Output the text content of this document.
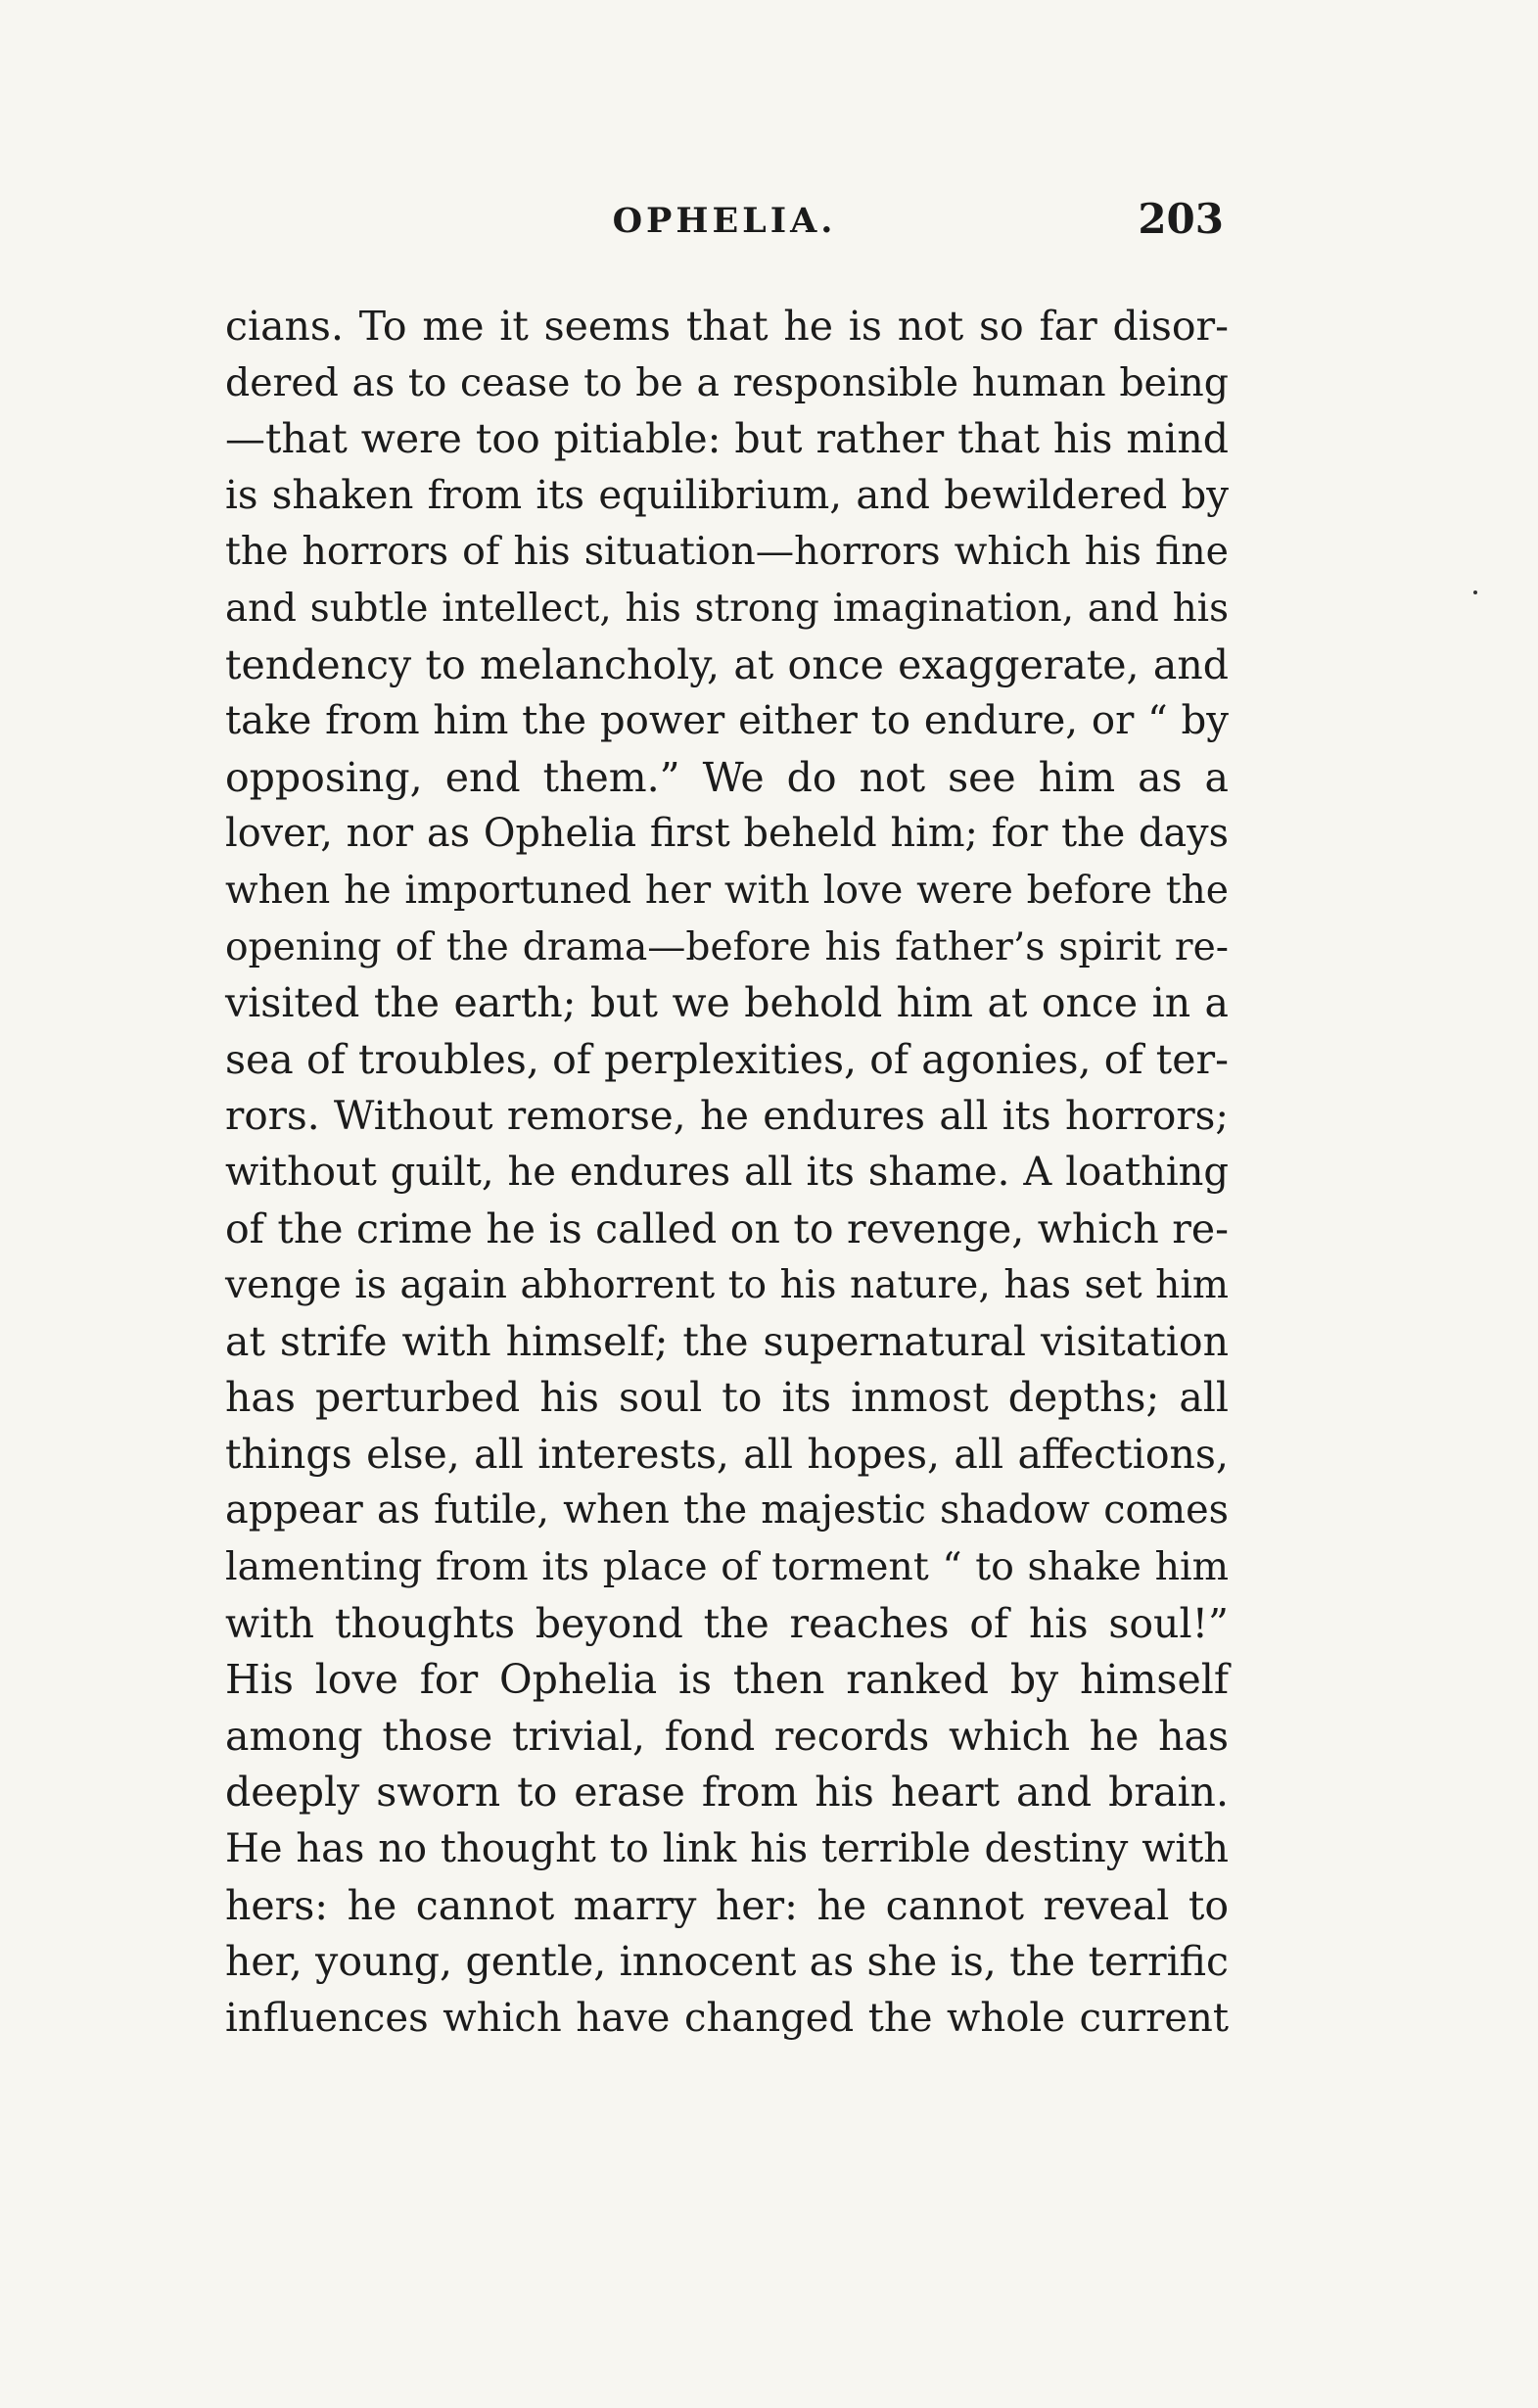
OPHELIA.	203
cians. To me it seems that he is not so far disor-
dered as to cease to be a responsible human being
—that were too pitiable: but rather that his mind
is shaken from its equilibrium, and bewildered by
the horrors of his situation—horrors which his fine
and subtle intellect, his strong imagination, and his
tendency to melancholy, at once exaggerate, and
take from him the power either to endure, or “ by
opposing, end them.” We do not see him as a
lover, nor as Ophelia first beheld him; for the days
when he importuned her with love were before the
opening of the drama—before his father’s spirit re-
visited the earth; but we behold him at once in a
sea of troubles, of perplexities, of agonies, of ter-
rors. Without remorse, he endures all its horrors;
without guilt, he endures all its shame. A loathing
of the crime he is called on to revenge, which re-
venge is again abhorrent to his nature, has set him
at strife with himself; the supernatural visitation
has perturbed his soul to its inmost depths; all
things else, all interests, all hopes, all affections,
appear as futile, when the majestic shadow comes
lamenting from its place of torment “ to shake him
with thoughts beyond the reaches of his soul!”
His love for Ophelia is then ranked by himself
among those trivial, fond records which he has
deeply sworn to erase from his heart and brain.
He has no thought to link his terrible destiny with
hers: he cannot marry her: he cannot reveal to
her, young, gentle, innocent as she is, the terrific
influences which have changed the whole current
